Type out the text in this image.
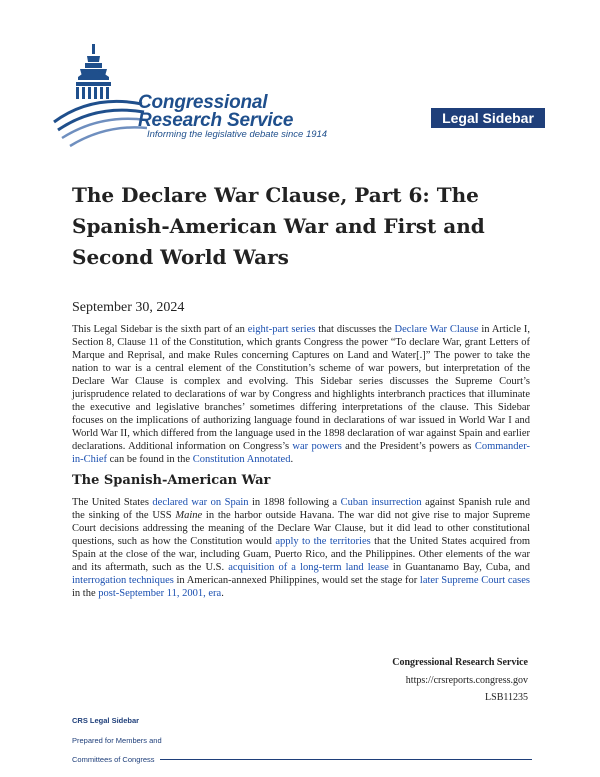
Congressional
Research Service
Informing the legislative debate since 1914
Legal Sidebar
The Declare War Clause, Part 6: The Spanish-American War and First and Second World Wars
September 30, 2024

This Legal Sidebar is the sixth part of an eight-part series that discusses the Declare War Clause in Article I, Section 8, Clause 11 of the Constitution, which grants Congress the power “To declare War, grant Letters of Marque and Reprisal, and make Rules concerning Captures on Land and Water[.]” The power to take the nation to war is a central element of the Constitution’s scheme of war powers, but interpretation of the Declare War Clause is complex and evolving. This Sidebar series discusses the Supreme Court’s jurisprudence related to declarations of war by Congress and highlights interbranch practices that illuminate the executive and legislative branches’ sometimes differing interpretations of the clause. This Sidebar focuses on the implications of authorizing language found in declarations of war issued in World War I and World War II, which differed from the language used in the 1898 declaration of war against Spain and earlier declarations. Additional information on Congress’s war powers and the President’s powers as Commander-in-Chief can be found in the Constitution Annotated.

The Spanish-American War

The United States declared war on Spain in 1898 following a Cuban insurrection against Spanish rule and the sinking of the USS Maine in the harbor outside Havana. The war did not give rise to major Supreme Court decisions addressing the meaning of the Declare War Clause, but it did lead to other constitutional questions, such as how the Constitution would apply to the territories that the United States acquired from Spain at the close of the war, including Guam, Puerto Rico, and the Philippines. Other elements of the war and its aftermath, such as the U.S. acquisition of a long-term land lease in Guantanamo Bay, Cuba, and interrogation techniques in American-annexed Philippines, would set the stage for later Supreme Court cases in the post-September 11, 2001, era.

Congressional Research Service
https://crsreports.congress.gov
LSB11235
CRS Legal Sidebar
Prepared for Members and
Committees of Congress
